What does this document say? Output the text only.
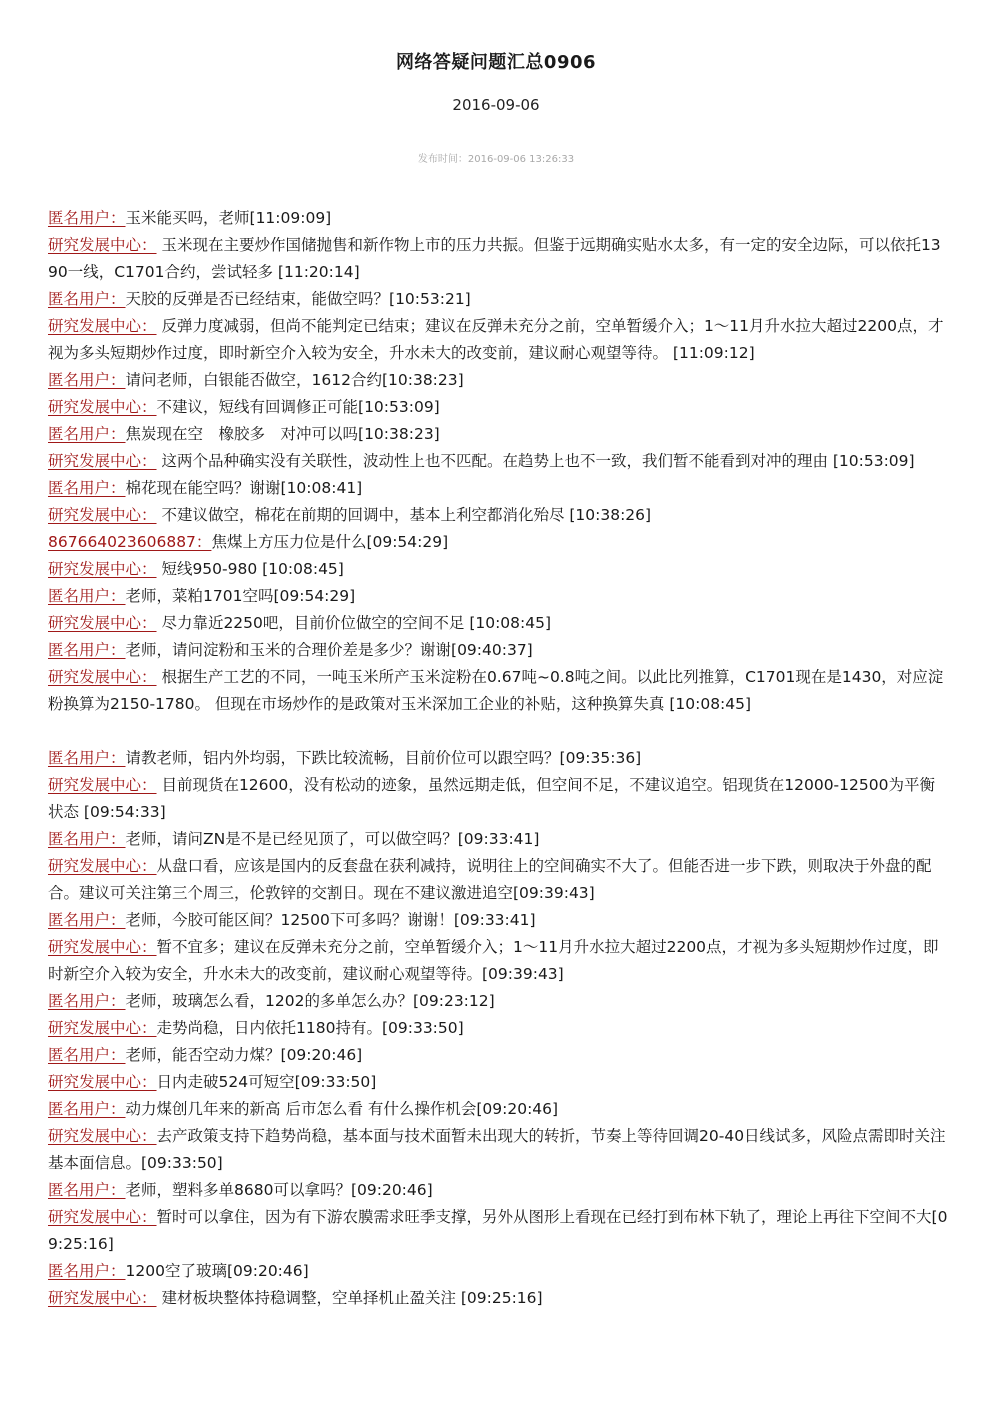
网络答疑问题汇总0906
2016-09-06
发布时间：2016-09-06 13:26:33

匿名用户：玉米能买吗，老师[11:09:09]

研究发展中心： 玉米现在主要炒作国储抛售和新作物上市的压力共振。但鉴于远期确实贴水太多，有一定的安全边际，可以依托1390一线，C1701合约，尝试轻多 [11:20:14]

匿名用户：天胶的反弹是否已经结束，能做空吗？[10:53:21]

研究发展中心： 反弹力度减弱，但尚不能判定已结束；建议在反弹未充分之前，空单暂缓介入；1～11月升水拉大超过2200点，才视为多头短期炒作过度，即时新空介入较为安全，升水未大的改变前，建议耐心观望等待。 [11:09:12]

匿名用户：请问老师，白银能否做空，1612合约[10:38:23]

研究发展中心：不建议，短线有回调修正可能[10:53:09]

匿名用户：焦炭现在空　橡胶多　对冲可以吗[10:38:23]

研究发展中心： 这两个品种确实没有关联性，波动性上也不匹配。在趋势上也不一致，我们暂不能看到对冲的理由 [10:53:09]

匿名用户：棉花现在能空吗？谢谢[10:08:41]

研究发展中心： 不建议做空，棉花在前期的回调中，基本上利空都消化殆尽 [10:38:26]

86766402360688​7：焦煤上方压力位是什么[09:54:29]

研究发展中心： 短线950-980 [10:08:45]

匿名用户：老师，菜粕1701空吗[09:54:29]

研究发展中心： 尽力靠近2250吧，目前价位做空的空间不足 [10:08:45]

匿名用户：老师，请问淀粉和玉米的合理价差是多少？谢谢[09:40:37]

研究发展中心： 根据生产工艺的不同，一吨玉米所产玉米淀粉在0.67吨~0.8吨之间。以此比列推算，C1701现在是1430，对应淀粉换算为2150-1780。 但现在市场炒作的是政策对玉米深加工企业的补贴，这种换算失真 [10:08:45]

匿名用户：请教老师，铝内外均弱，下跌比较流畅，目前价位可以跟空吗？[09:35:36]

研究发展中心： 目前现货在12600，没有松动的迹象，虽然远期走低，但空间不足，不建议追空。铝现货在12000-12500为平衡状态 [09:54:33]

匿名用户：老师，请问ZN是不是已经见顶了，可以做空吗？[09:33:41]

研究发展中心：从盘口看，应该是国内的反套盘在获利减持，说明往上的空间确实不大了。但能否进一步下跌，则取决于外盘的配合。建议可关注第三个周三，伦敦锌的交割日。现在不建议激进追空[09:39:43]

匿名用户：老师，今胶可能区间？12500下可多吗？谢谢！[09:33:41]

研究发展中心：暂不宜多；建议在反弹未充分之前，空单暂缓介入；1～11月升水拉大超过2200点，才视为多头短期炒作过度，即时新空介入较为安全，升水未大的改变前，建议耐心观望等待。[09:39:43]

匿名用户：老师，玻璃怎么看，1202的多单怎么办？[09:23:12]

研究发展中心：走势尚稳，日内依托1180持有。[09:33:50]

匿名用户：老师，能否空动力煤？[09:20:46]

研究发展中心：日内走破524可短空[09:33:50]

匿名用户：动力煤创几年来的新高 后市怎么看 有什么操作机会[09:20:46]

研究发展中心：去产政策支持下趋势尚稳，基本面与技术面暂未出现大的转折，节奏上等待回调20-40日线试多，风险点需即时关注基本面信息。[09:33:50]

匿名用户：老师，塑料多单8680可以拿吗？[09:20:46]

研究发展中心：暂时可以拿住，因为有下游农膜需求旺季支撑，另外从图形上看现在已经打到布林下轨了，理论上再往下空间不大[09:25:16]

匿名用户：1200空了玻璃[09:20:46]

研究发展中心： 建材板块整体持稳调整，空单择机止盈关注 [09:25:16]
